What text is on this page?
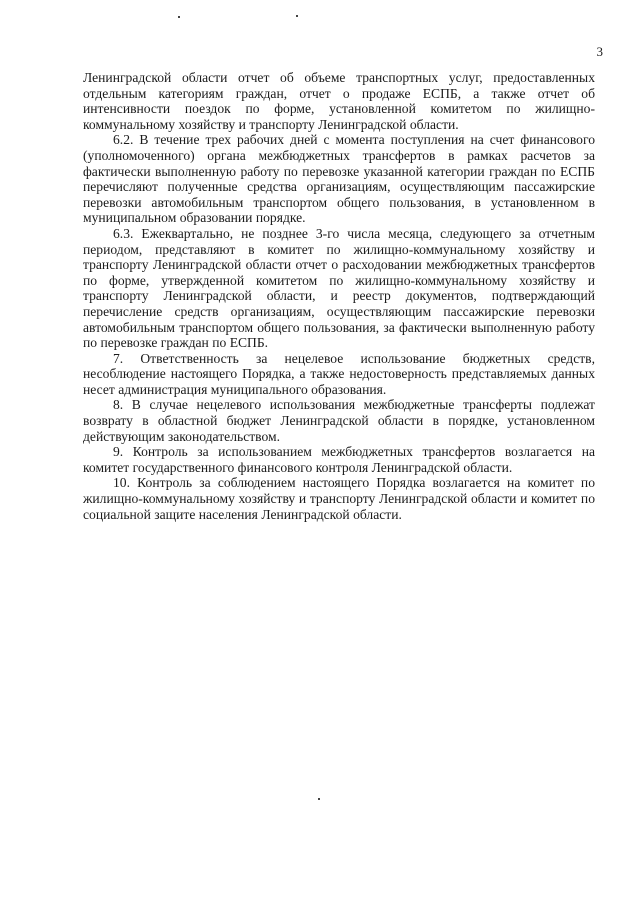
3

Ленинградской области отчет об объеме транспортных услуг, предоставленных отдельным категориям граждан, отчет о продаже ЕСПБ, а также отчет об интенсивности поездок по форме, установленной комитетом по жилищно-коммунальному хозяйству и транспорту Ленинградской области.

6.2. В течение трех рабочих дней с момента поступления на счет финансового (уполномоченного) органа межбюджетных трансфертов в рамках расчетов за фактически выполненную работу по перевозке указанной категории граждан по ЕСПБ перечисляют полученные средства организациям, осуществляющим пассажирские перевозки автомобильным транспортом общего пользования, в установленном в муниципальном образовании порядке.

6.3. Ежеквартально, не позднее 3-го числа месяца, следующего за отчетным периодом, представляют в комитет по жилищно-коммунальному хозяйству и транспорту Ленинградской области отчет о расходовании межбюджетных трансфертов по форме, утвержденной комитетом по жилищно-коммунальному хозяйству и транспорту Ленинградской области, и реестр документов, подтверждающий перечисление средств организациям, осуществляющим пассажирские перевозки автомобильным транспортом общего пользования, за фактически выполненную работу по перевозке граждан по ЕСПБ.

7. Ответственность за нецелевое использование бюджетных средств, несоблюдение настоящего Порядка, а также недостоверность представляемых данных несет администрация муниципального образования.

8. В случае нецелевого использования межбюджетные трансферты подлежат возврату в областной бюджет Ленинградской области в порядке, установленном действующим законодательством.

9. Контроль за использованием межбюджетных трансфертов возлагается на комитет государственного финансового контроля Ленинградской области.

10. Контроль за соблюдением настоящего Порядка возлагается на комитет по жилищно-коммунальному хозяйству и транспорту Ленинградской области и комитет по социальной защите населения Ленинградской области.
